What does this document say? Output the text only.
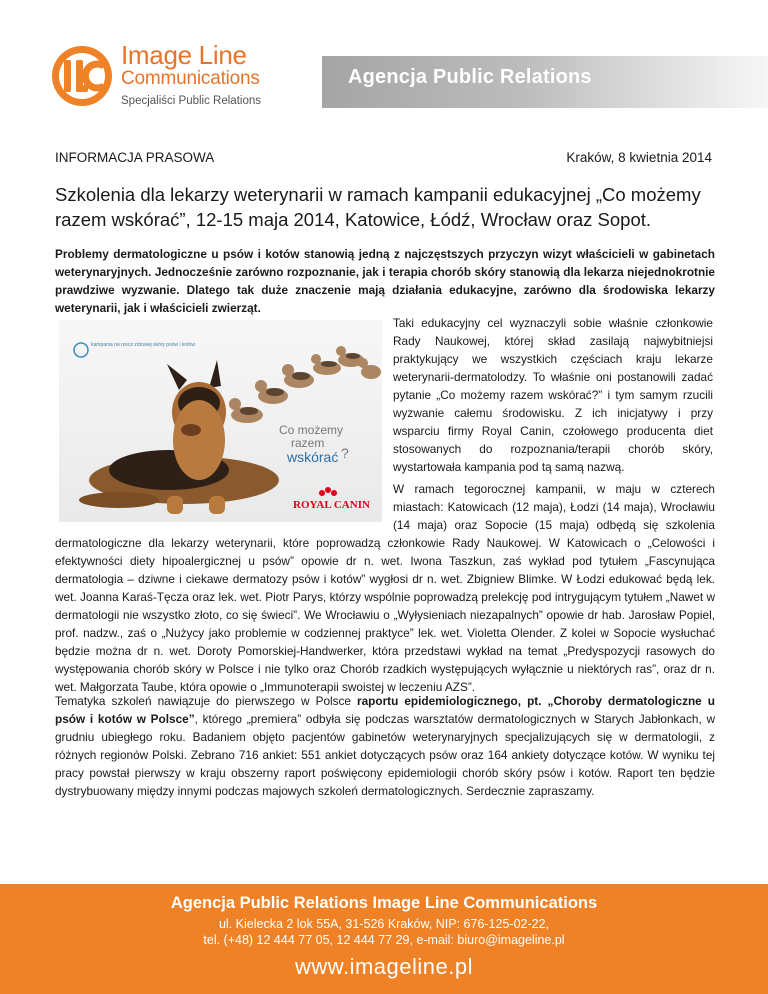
Image Line
Communications
Specjaliści Public Relations
Agencja Public Relations
INFORMACJA PRASOWA	Kraków, 8 kwietnia 2014
Szkolenia dla lekarzy weterynarii w ramach kampanii edukacyjnej „Co możemy razem wskórać”, 12-15 maja 2014, Katowice, Łódź, Wrocław oraz Sopot.
Problemy dermatologiczne u psów i kotów stanowią jedną z najczęstszych przyczyn wizyt właścicieli w gabinetach weterynaryjnych. Jednocześnie zarówno rozpoznanie, jak i terapia chorób skóry stanowią dla lekarza niejednokrotnie prawdziwe wyzwanie. Dlatego tak duże znaczenie mają działania edukacyjne, zarówno dla środowiska lekarzy weterynarii, jak i właścicieli zwierząt.
kampania na rzecz zdrowej skóry psów i kotów
Co możemy
razem
wskórać ?
ROYAL CANIN

Taki edukacyjny cel wyznaczyli sobie właśnie członkowie Rady Naukowej, której skład zasilają najwybitniejsi praktykujący we wszystkich częściach kraju lekarze weterynarii-dermatolodzy. To właśnie oni postanowili zadać pytanie „Co możemy razem wskórać?” i tym samym rzucili wyzwanie całemu środowisku. Z ich inicjatywy i przy wsparciu firmy Royal Canin, czołowego producenta diet stosowanych do rozpoznania/terapii chorób skóry, wystartowała kampania pod tą samą nazwą.

W ramach tegorocznej kampanii, w maju w czterech miastach: Katowicach (12 maja), Łodzi (14 maja), Wrocławiu (14 maja) oraz Sopocie (15 maja) odbędą się szkolenia dermatologiczne dla lekarzy weterynarii, które poprowadzą członkowie Rady Naukowej. W Katowicach o „Celowości i efektywności diety hipoalergicznej u psów” opowie dr n. wet. Iwona Taszkun, zaś wykład pod tytułem „Fascynująca dermatologia – dziwne i ciekawe dermatozy psów i kotów” wygłosi dr n. wet. Zbigniew Blimke. W Łodzi edukować będą lek. wet. Joanna Karaś-Tęcza oraz lek. wet. Piotr Parys, którzy wspólnie poprowadzą prelekcję pod intrygującym tytułem „Nawet w dermatologii nie wszystko złoto, co się świeci”. We Wrocławiu o „Wyłysieniach niezapalnych” opowie dr hab. Jarosław Popiel, prof. nadzw., zaś o „Nużycy jako problemie w codziennej praktyce” lek. wet. Violetta Olender. Z kolei w Sopocie wysłuchać będzie można dr n. wet. Doroty Pomorskiej-Handwerker, która przedstawi wykład na temat „Predyspozycji rasowych do występowania chorób skóry w Polsce i nie tylko oraz Chorób rzadkich występujących wyłącznie u niektórych ras”, oraz dr n. wet. Małgorzata Taube, która opowie o „Immunoterapii swoistej w leczeniu AZS”.

Tematyka szkoleń nawiązuje do pierwszego w Polsce raportu epidemiologicznego, pt. „Choroby dermatologiczne u psów i kotów w Polsce”, którego „premiera” odbyła się podczas warsztatów dermatologicznych w Starych Jabłonkach, w grudniu ubiegłego roku. Badaniem objęto pacjentów gabinetów weterynaryjnych specjalizujących się w dermatologii, z różnych regionów Polski. Zebrano 716 ankiet: 551 ankiet dotyczących psów oraz 164 ankiety dotyczące kotów. W wyniku tej pracy powstał pierwszy w kraju obszerny raport poświęcony epidemiologii chorób skóry psów i kotów. Raport ten będzie dystrybuowany między innymi podczas majowych szkoleń dermatologicznych. Serdecznie zapraszamy.

Agencja Public Relations Image Line Communications
ul. Kielecka 2 lok 55A, 31-526 Kraków, NIP: 676-125-02-22,
tel. (+48) 12 444 77 05, 12 444 77 29, e-mail: biuro@imageline.pl
www.imageline.pl
